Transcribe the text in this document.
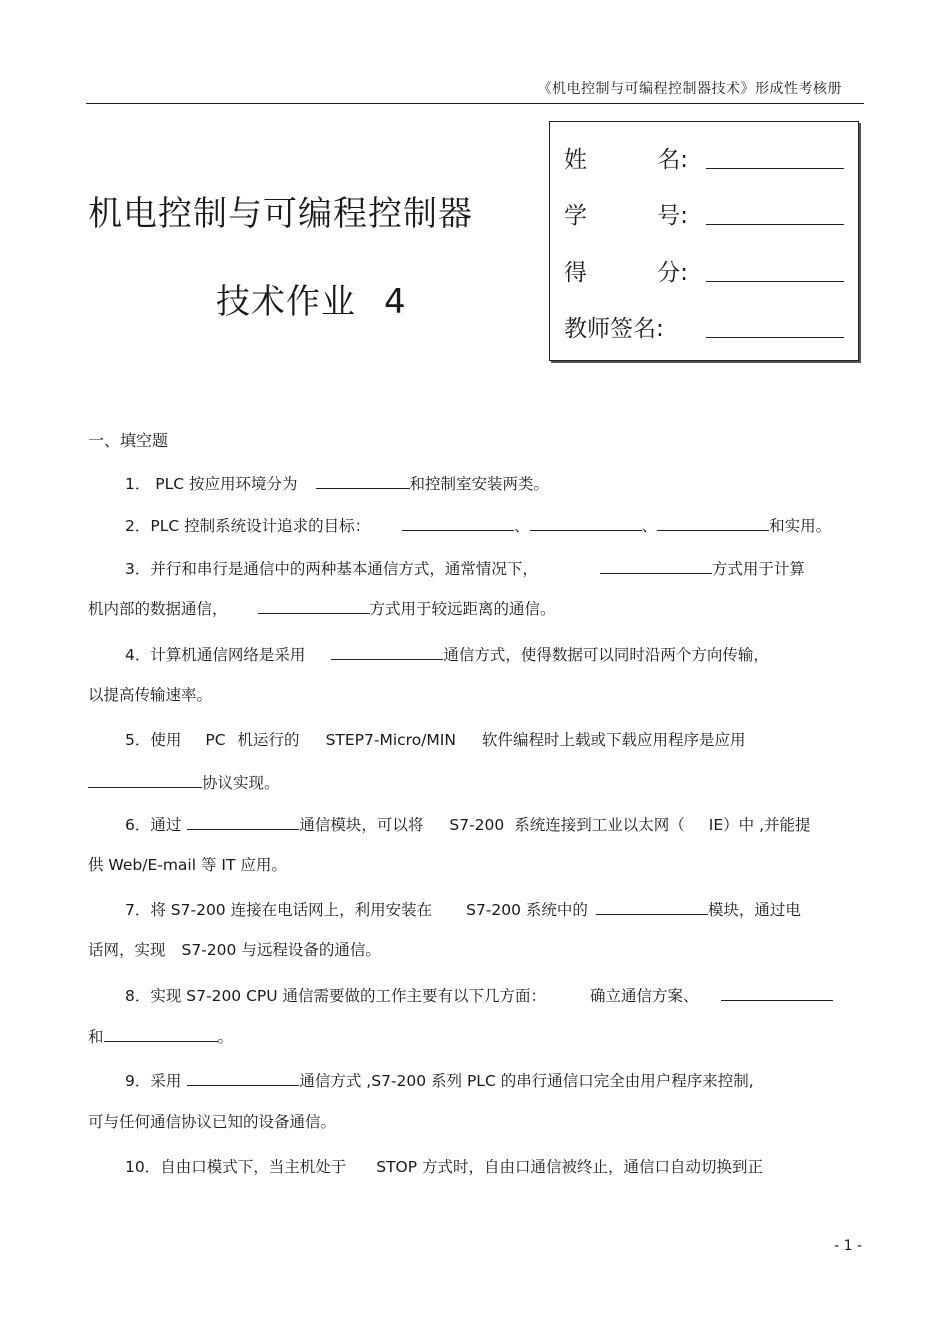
《机电控制与可编程控制器技术》形成性考核册
机电控制与可编程控制器
技术作业 4
姓	名:
学	号:
得	分:
教师签名:
一、填空题
1． PLC 按应用环境分为	和控制室安装两类。
2．PLC 控制系统设计追求的目标：	、	、	和实用。
3．并行和串行是通信中的两种基本通信方式，通常情况下，	方式用于计算
机内部的数据通信，	方式用于较远距离的通信。
4．计算机通信网络是采用	通信方式，使得数据可以同时沿两个方向传输，
以提高传输速率。
5．使用 PC 机运行的 STEP7-Micro/MIN 软件编程时上载或下载应用程序是应用
协议实现。
6．通过	通信模块，可以将 S7-200 系统连接到工业以太网（ IE）中 ,并能提
供 Web/E-mail 等 IT 应用。
7．将 S7-200 连接在电话网上，利用安装在 S7-200 系统中的	模块，通过电
话网，实现 S7-200 与远程设备的通信。
8．实现 S7-200 CPU 通信需要做的工作主要有以下几方面：	确立通信方案、
和	。
9．采用	通信方式 ,S7-200 系列 PLC 的串行通信口完全由用户程序来控制,
可与任何通信协议已知的设备通信。
10．自由口模式下，当主机处于 STOP 方式时，自由口通信被终止，通信口自动切换到正
- 1 -
